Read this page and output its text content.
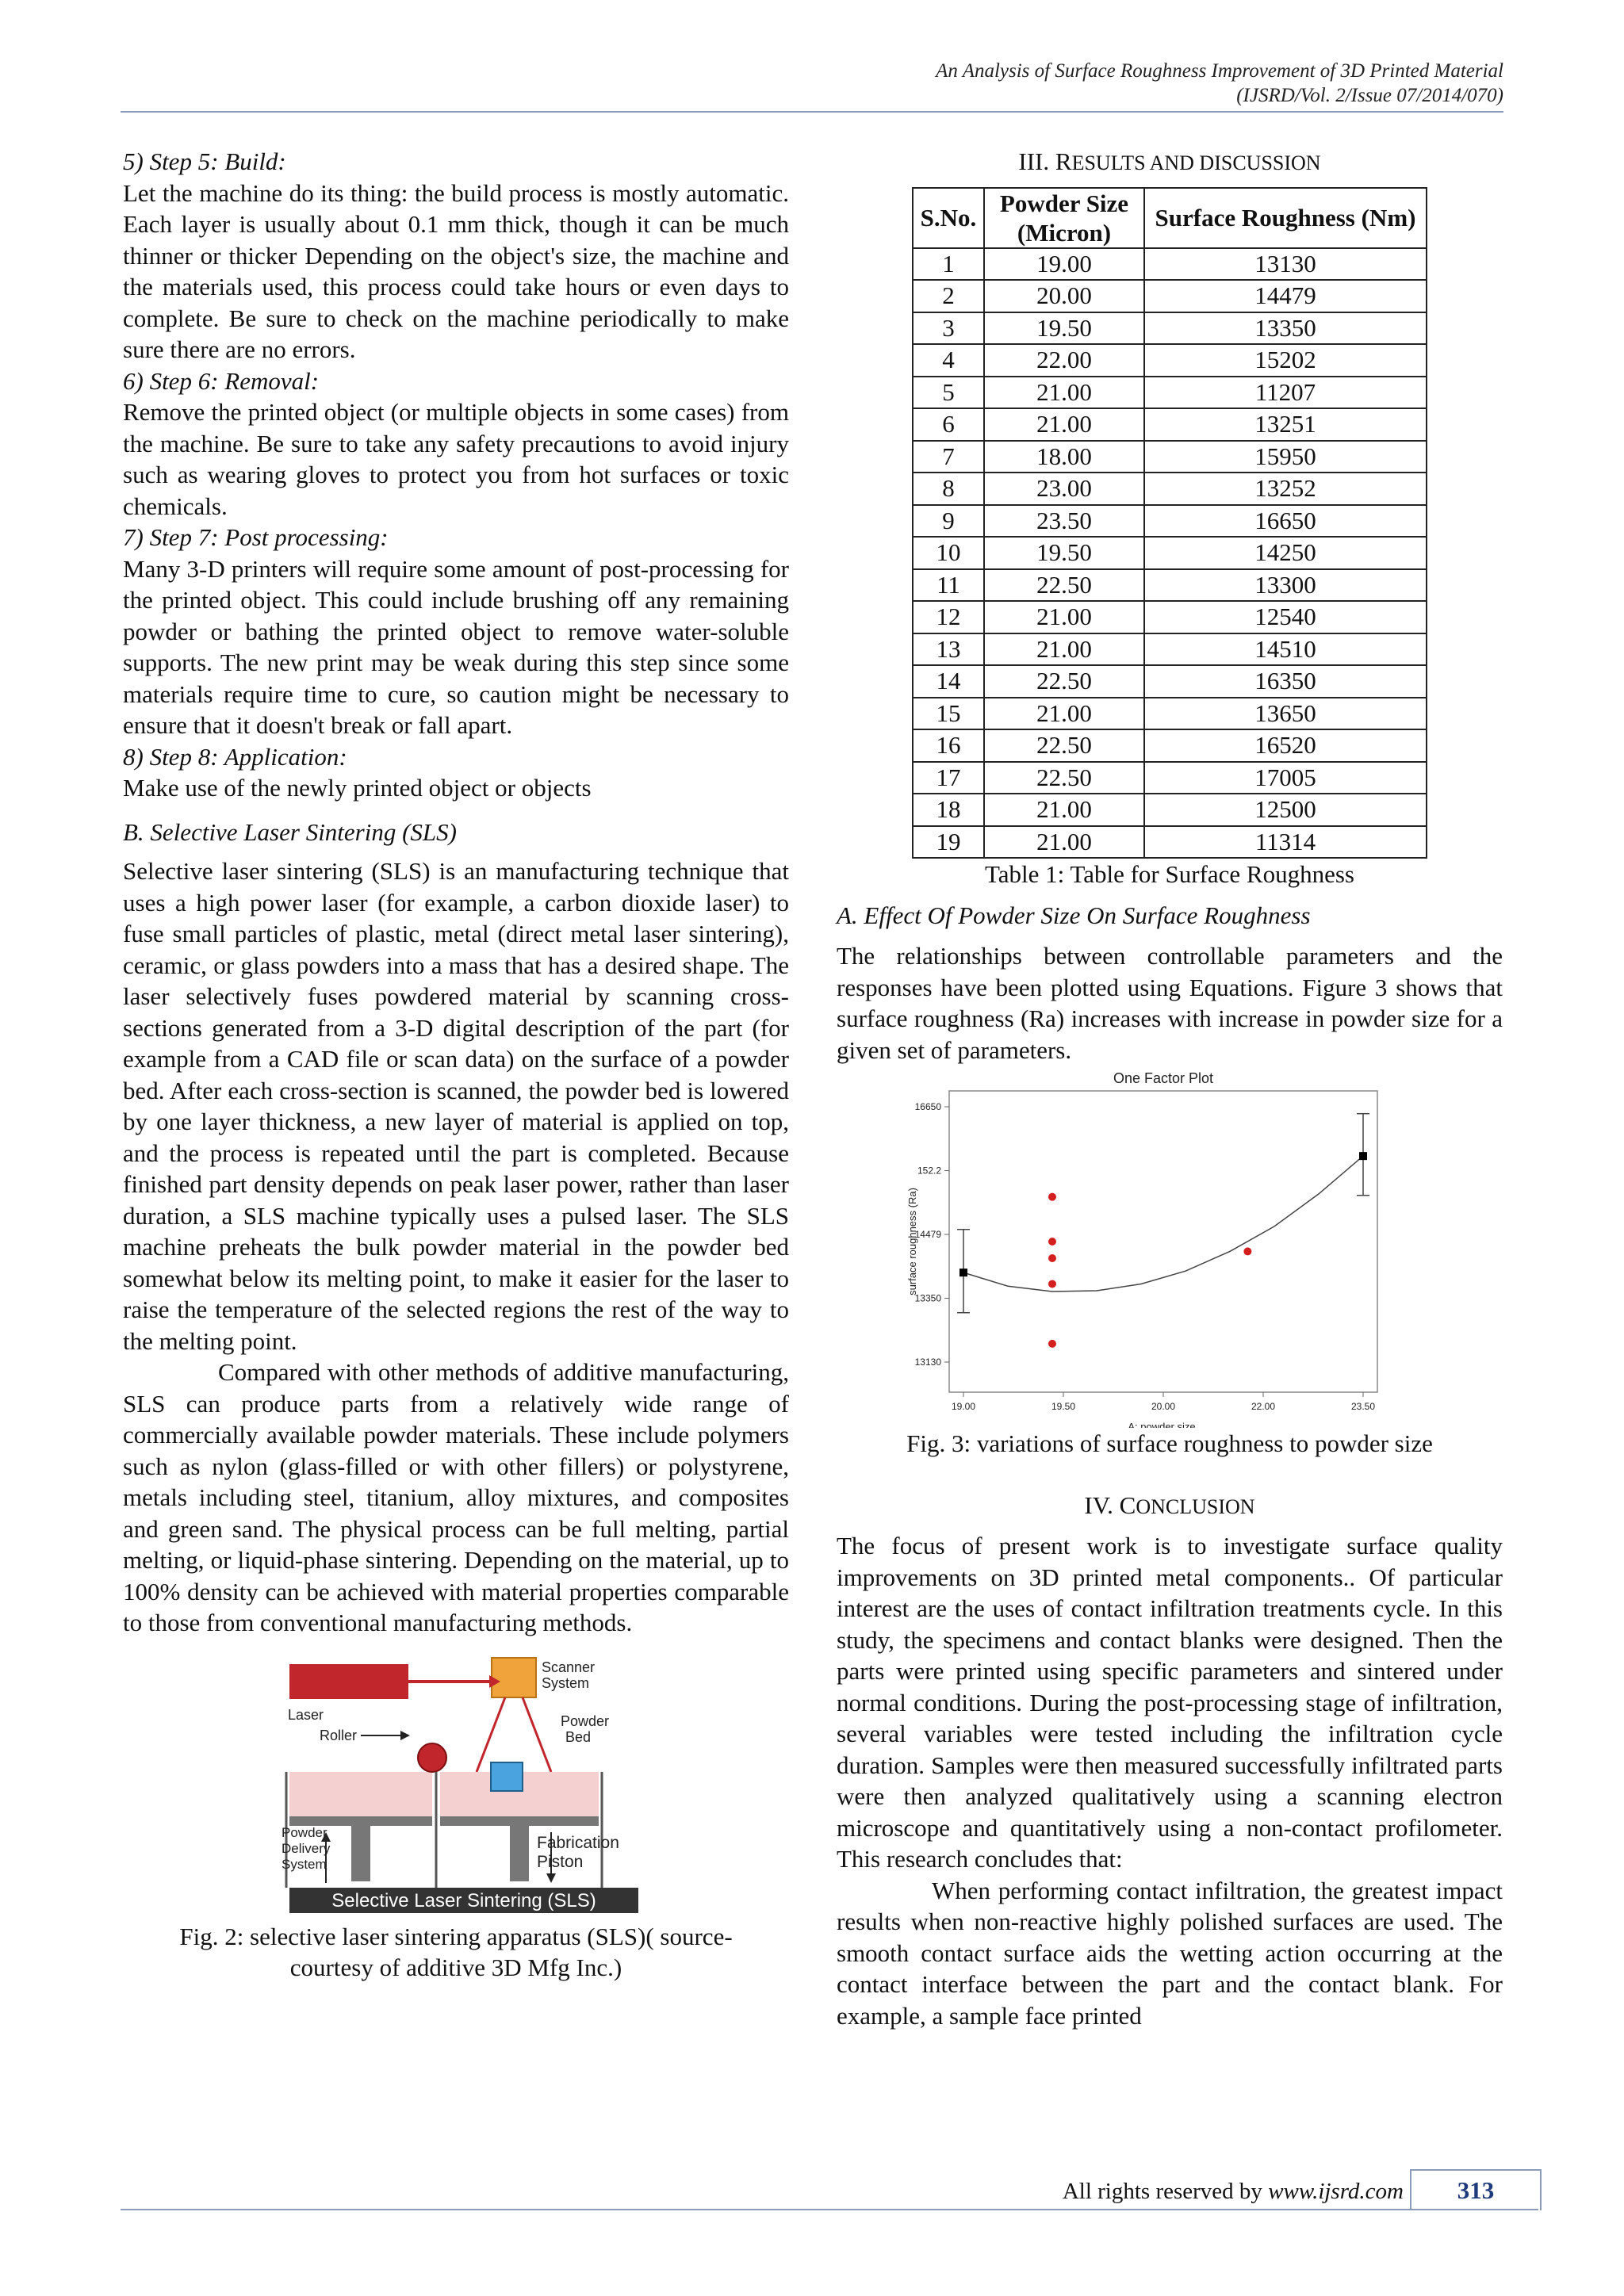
An Analysis of Surface Roughness Improvement of 3D Printed Material
(IJSRD/Vol. 2/Issue 07/2014/070)
5) Step 5: Build:

Let the machine do its thing: the build process is mostly automatic. Each layer is usually about 0.1 mm thick, though it can be much thinner or thicker Depending on the object's size, the machine and the materials used, this process could take hours or even days to complete. Be sure to check on the machine periodically to make sure there are no errors.

6) Step 6: Removal:

Remove the printed object (or multiple objects in some cases) from the machine. Be sure to take any safety precautions to avoid injury such as wearing gloves to protect you from hot surfaces or toxic chemicals.

7) Step 7: Post processing:

Many 3-D printers will require some amount of post-processing for the printed object. This could include brushing off any remaining powder or bathing the printed object to remove water-soluble supports. The new print may be weak during this step since some materials require time to cure, so caution might be necessary to ensure that it doesn't break or fall apart.

8) Step 8: Application:

Make use of the newly printed object or objects

B. Selective Laser Sintering (SLS)

Selective laser sintering (SLS) is an manufacturing technique that uses a high power laser (for example, a carbon dioxide laser) to fuse small particles of plastic, metal (direct metal laser sintering), ceramic, or glass powders into a mass that has a desired shape. The laser selectively fuses powdered material by scanning cross-sections generated from a 3-D digital description of the part (for example from a CAD file or scan data) on the surface of a powder bed. After each cross-section is scanned, the powder bed is lowered by one layer thickness, a new layer of material is applied on top, and the process is repeated until the part is completed. Because finished part density depends on peak laser power, rather than laser duration, a SLS machine typically uses a pulsed laser. The SLS machine preheats the bulk powder material in the powder bed somewhat below its melting point, to make it easier for the laser to raise the temperature of the selected regions the rest of the way to the melting point.

Compared with other methods of additive manufacturing, SLS can produce parts from a relatively wide range of commercially available powder materials. These include polymers such as nylon (glass-filled or with other fillers) or polystyrene, metals including steel, titanium, alloy mixtures, and composites and green sand. The physical process can be full melting, partial melting, or liquid-phase sintering. Depending on the material, up to 100% density can be achieved with material properties comparable to those from conventional manufacturing methods.

Laser
Scanner
System
Powder
Bed
Roller
Powder
Delivery
System
Fabrication
Piston
Selective Laser Sintering (SLS)

Fig. 2: selective laser sintering apparatus (SLS)( source-courtesy of additive 3D Mfg Inc.)

III. RESULTS AND DISCUSSION
S.No.	Powder Size (Micron)	Surface Roughness (Nm)
1	19.00	13130
2	20.00	14479
3	19.50	13350
4	22.00	15202
5	21.00	11207
6	21.00	13251
7	18.00	15950
8	23.00	13252
9	23.50	16650
10	19.50	14250
11	22.50	13300
12	21.00	12540
13	21.00	14510
14	22.50	16350
15	21.00	13650
16	22.50	16520
17	22.50	17005
18	21.00	12500
19	21.00	11314

Table 1: Table for Surface Roughness

A. Effect Of Powder Size On Surface Roughness

The relationships between controllable parameters and the responses have been plotted using Equations. Figure 3 shows that surface roughness (Ra) increases with increase in powder size for a given set of parameters.

One Factor Plot
surface roughness (Ra)
A: powder size
16650
152.2
14479
13350
13130
19.00	19.50	20.00	22.00	23.50

Fig. 3: variations of surface roughness to powder size

IV. CONCLUSION

The focus of present work is to investigate surface quality improvements on 3D printed metal components.. Of particular interest are the uses of contact infiltration treatments cycle. In this study, the specimens and contact blanks were designed. Then the parts were printed using specific parameters and sintered under normal conditions. During the post-processing stage of infiltration, several variables were tested including the infiltration cycle duration. Samples were then measured successfully infiltrated parts were then analyzed qualitatively using a scanning electron microscope and quantitatively using a non-contact profilometer. This research concludes that:

When performing contact infiltration, the greatest impact results when non-reactive highly polished surfaces are used. The smooth contact surface aids the wetting action occurring at the contact interface between the part and the contact blank. For example, a sample face printed

All rights reserved by www.ijsrd.com	313
